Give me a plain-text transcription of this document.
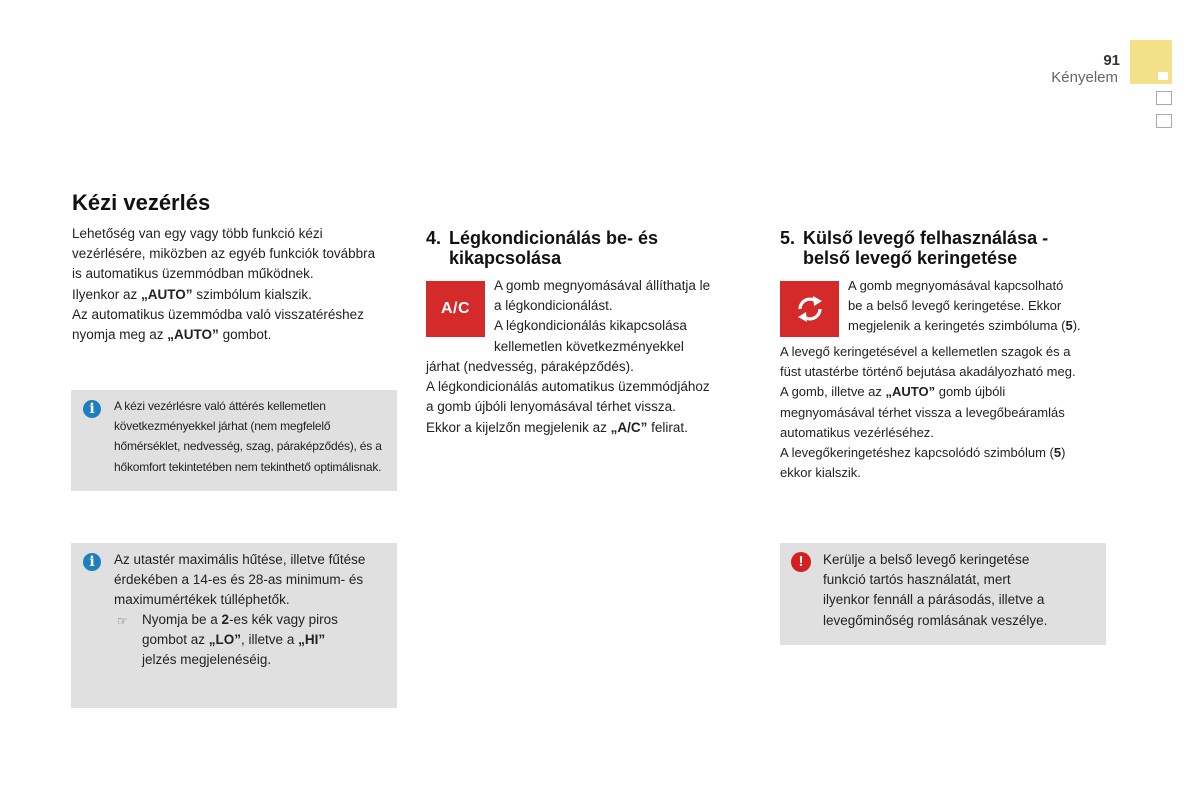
91
Kényelem
Kézi vezérlés

Lehetőség van egy vagy több funkció kézi

vezérlésére, miközben az egyéb funkciók továbbra

is automatikus üzemmódban működnek.

Ilyenkor az „AUTO” szimbólum kialszik.

Az automatikus üzemmódba való visszatéréshez

nyomja meg az „AUTO” gombot.

i	A kézi vezérlésre való áttérés kellemetlen

következményekkel járhat (nem megfelelő

hőmérséklet, nedvesség, szag, páraképződés), és a

hőkomfort tekintetében nem tekinthető optimálisnak.

i	Az utastér maximális hűtése, illetve fűtése

érdekében a 14-es és 28-as minimum- és

maximumértékek túlléphetők.

☞	Nyomja be a 2-es kék vagy piros

gombot az „LO”, illetve a „HI”

jelzés megjelenéséig.

4. Légkondicionálás be- és
kikapcsolása
A/C

A gomb megnyomásával állíthatja le

a légkondicionálást.

A légkondicionálás kikapcsolása

kellemetlen következményekkel

járhat (nedvesség, páraképződés).

A légkondicionálás automatikus üzemmódjához

a gomb újbóli lenyomásával térhet vissza.

Ekkor a kijelzőn megjelenik az „A/C” felirat.

5. Külső levegő felhasználása -
belső levegő keringetése

A gomb megnyomásával kapcsolható

be a belső levegő keringetése. Ekkor

megjelenik a keringetés szimbóluma (5).

A levegő keringetésével a kellemetlen szagok és a

füst utastérbe történő bejutása akadályozható meg.

A gomb, illetve az „AUTO” gomb újbóli

megnyomásával térhet vissza a levegőbeáramlás

automatikus vezérléséhez.

A levegőkeringetéshez kapcsolódó szimbólum (5)

ekkor kialszik.

!	Kerülje a belső levegő keringetése

funkció tartós használatát, mert

ilyenkor fennáll a párásodás, illetve a

levegőminőség romlásának veszélye.
